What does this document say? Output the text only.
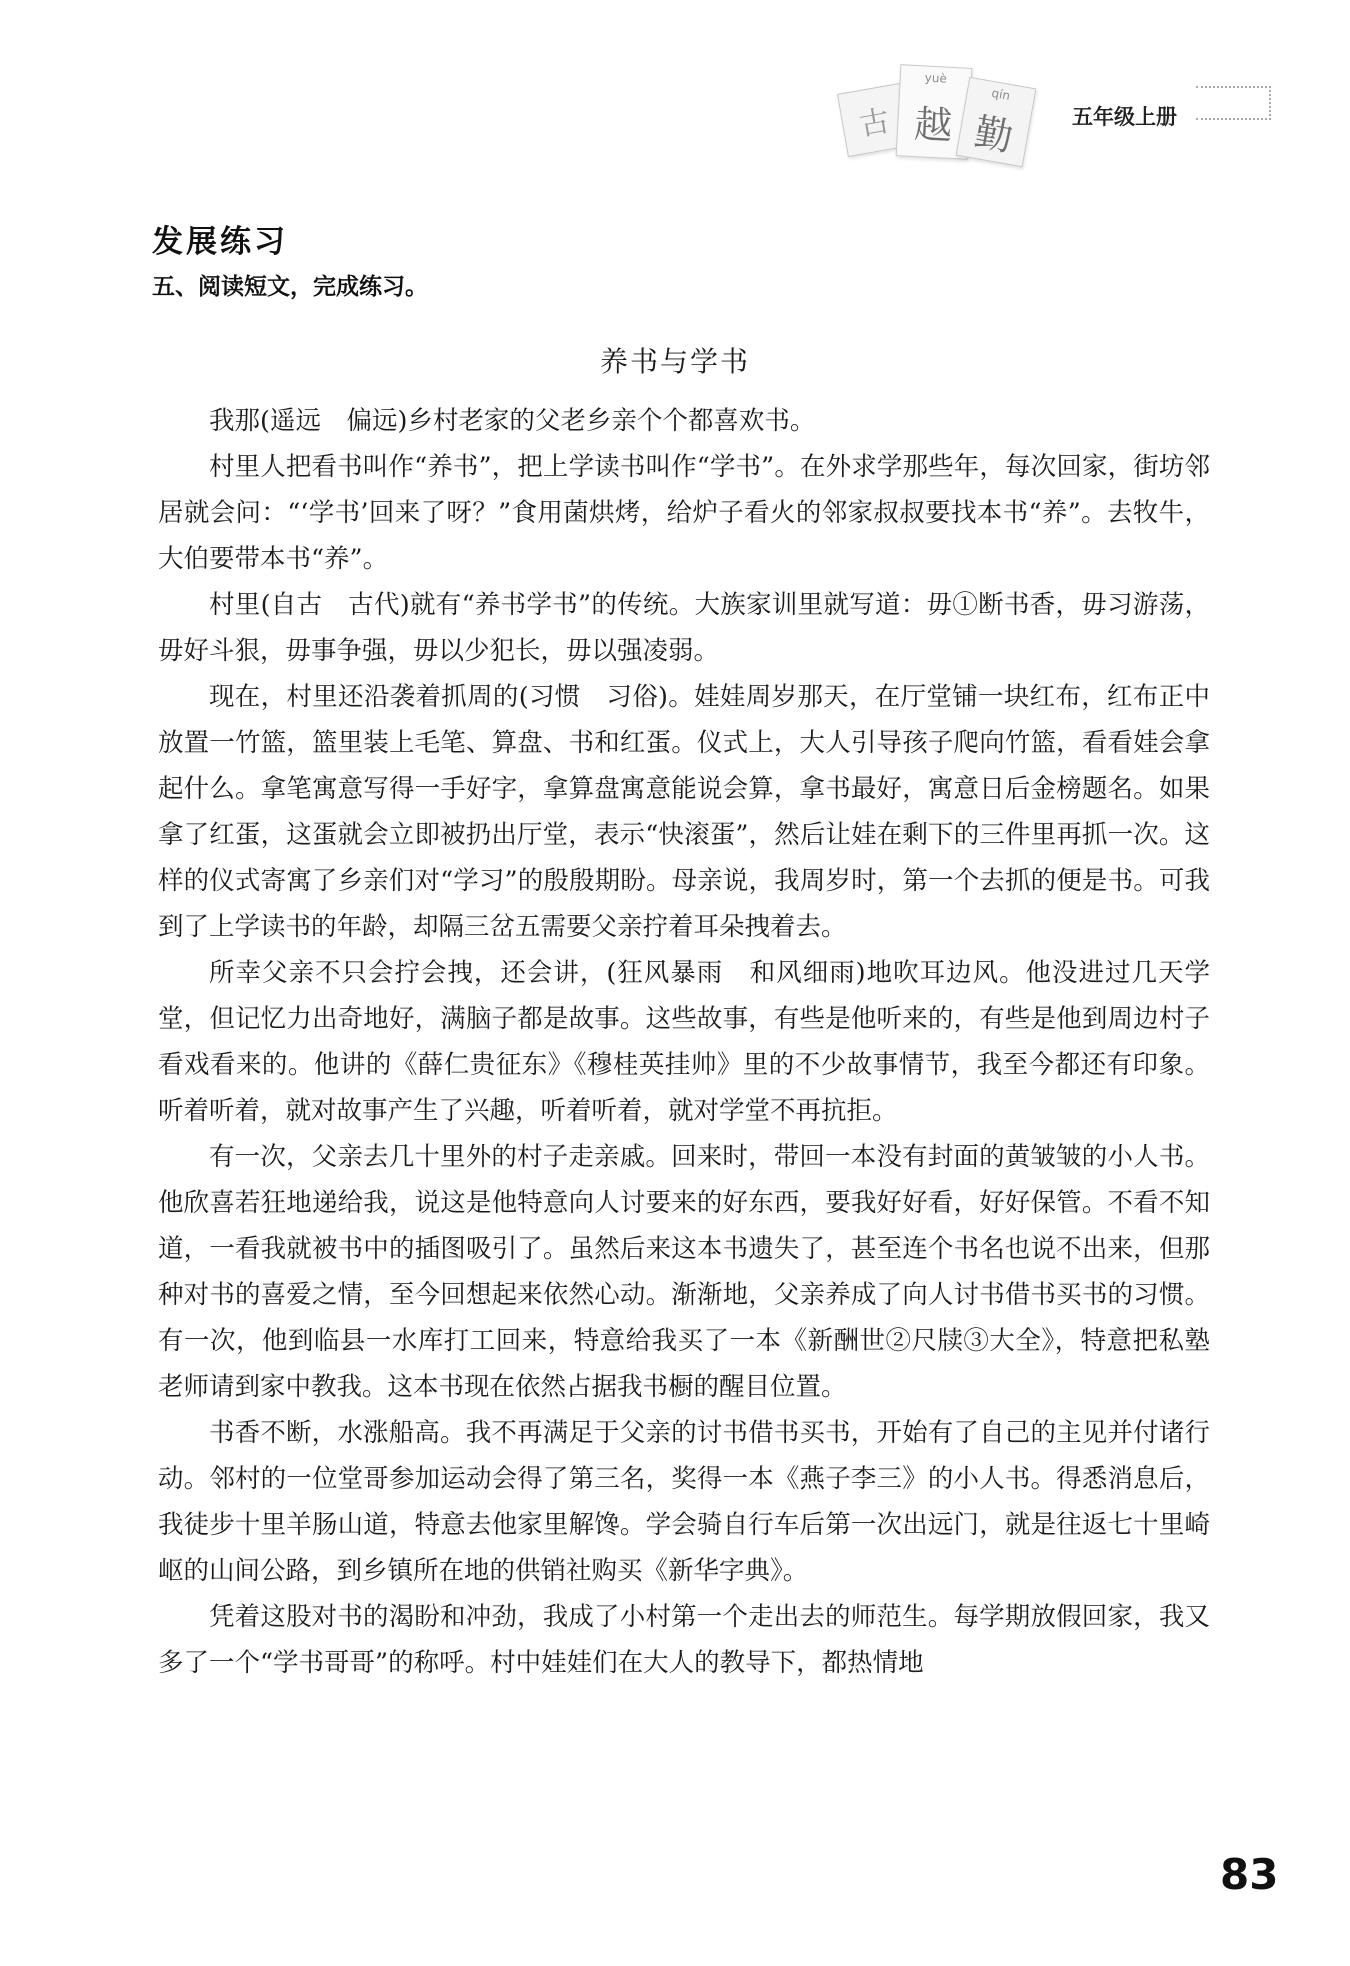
古
yuè
越
qín
勤	五年级上册
发展练习
五、阅读短文，完成练习。
养书与学书

我那(遥远　偏远)乡村老家的父老乡亲个个都喜欢书。

村里人把看书叫作“养书”，把上学读书叫作“学书”。在外求学那些年，每次回家，街坊邻居就会问：“‘学书’回来了呀？”食用菌烘烤，给炉子看火的邻家叔叔要找本书“养”。去牧牛，大伯要带本书“养”。

村里(自古　古代)就有“养书学书”的传统。大族家训里就写道：毋①断书香，毋习游荡，毋好斗狠，毋事争强，毋以少犯长，毋以强凌弱。

现在，村里还沿袭着抓周的(习惯　习俗)。娃娃周岁那天，在厅堂铺一块红布，红布正中放置一竹篮，篮里装上毛笔、算盘、书和红蛋。仪式上，大人引导孩子爬向竹篮，看看娃会拿起什么。拿笔寓意写得一手好字，拿算盘寓意能说会算，拿书最好，寓意日后金榜题名。如果拿了红蛋，这蛋就会立即被扔出厅堂，表示“快滚蛋”，然后让娃在剩下的三件里再抓一次。这样的仪式寄寓了乡亲们对“学习”的殷殷期盼。母亲说，我周岁时，第一个去抓的便是书。可我到了上学读书的年龄，却隔三岔五需要父亲拧着耳朵拽着去。

所幸父亲不只会拧会拽，还会讲，(狂风暴雨　和风细雨)地吹耳边风。他没进过几天学堂，但记忆力出奇地好，满脑子都是故事。这些故事，有些是他听来的，有些是他到周边村子看戏看来的。他讲的《薛仁贵征东》《穆桂英挂帅》里的不少故事情节，我至今都还有印象。听着听着，就对故事产生了兴趣，听着听着，就对学堂不再抗拒。

有一次，父亲去几十里外的村子走亲戚。回来时，带回一本没有封面的黄皱皱的小人书。他欣喜若狂地递给我，说这是他特意向人讨要来的好东西，要我好好看，好好保管。不看不知道，一看我就被书中的插图吸引了。虽然后来这本书遗失了，甚至连个书名也说不出来，但那种对书的喜爱之情，至今回想起来依然心动。渐渐地，父亲养成了向人讨书借书买书的习惯。有一次，他到临县一水库打工回来，特意给我买了一本《新酬世②尺牍③大全》，特意把私塾老师请到家中教我。这本书现在依然占据我书橱的醒目位置。

书香不断，水涨船高。我不再满足于父亲的讨书借书买书，开始有了自己的主见并付诸行动。邻村的一位堂哥参加运动会得了第三名，奖得一本《燕子李三》的小人书。得悉消息后，我徒步十里羊肠山道，特意去他家里解馋。学会骑自行车后第一次出远门，就是往返七十里崎岖的山间公路，到乡镇所在地的供销社购买《新华字典》。

凭着这股对书的渴盼和冲劲，我成了小村第一个走出去的师范生。每学期放假回家，我又多了一个“学书哥哥”的称呼。村中娃娃们在大人的教导下，都热情地

83
